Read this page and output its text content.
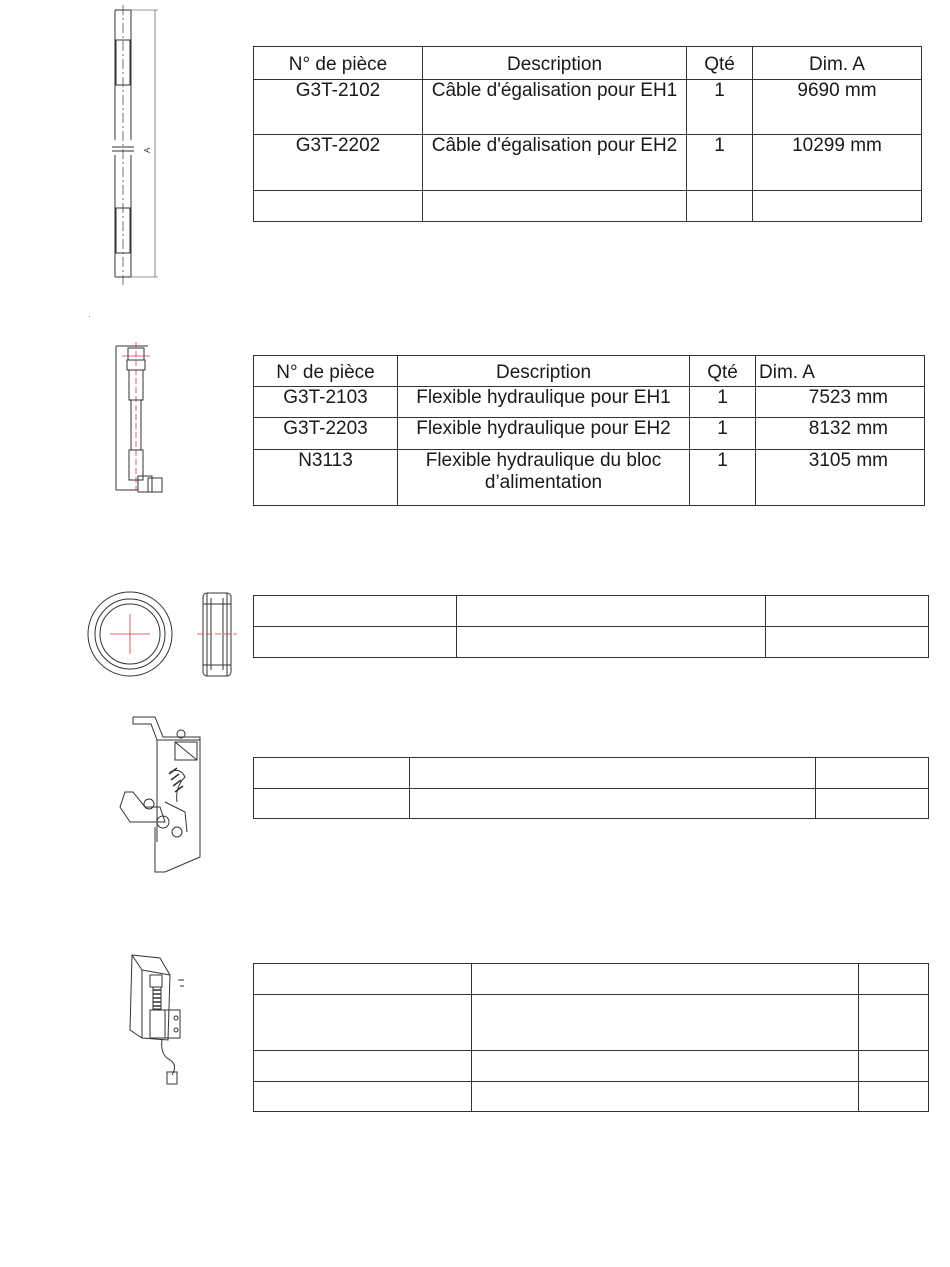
A
N° de pièce	Description	Qté	Dim. A
G3T-2102	Câble d'égalisation pour EH1	1	9690 mm
G3T-2202	Câble d'égalisation pour EH2	1	10299 mm

N° de pièce	Description	Qté	Dim. A
G3T-2103	Flexible hydraulique pour EH1	1	7523 mm
G3T-2203	Flexible hydraulique pour EH2	1	8132 mm
N3113	Flexible hydraulique du bloc d’alimentation	1	3105 mm
